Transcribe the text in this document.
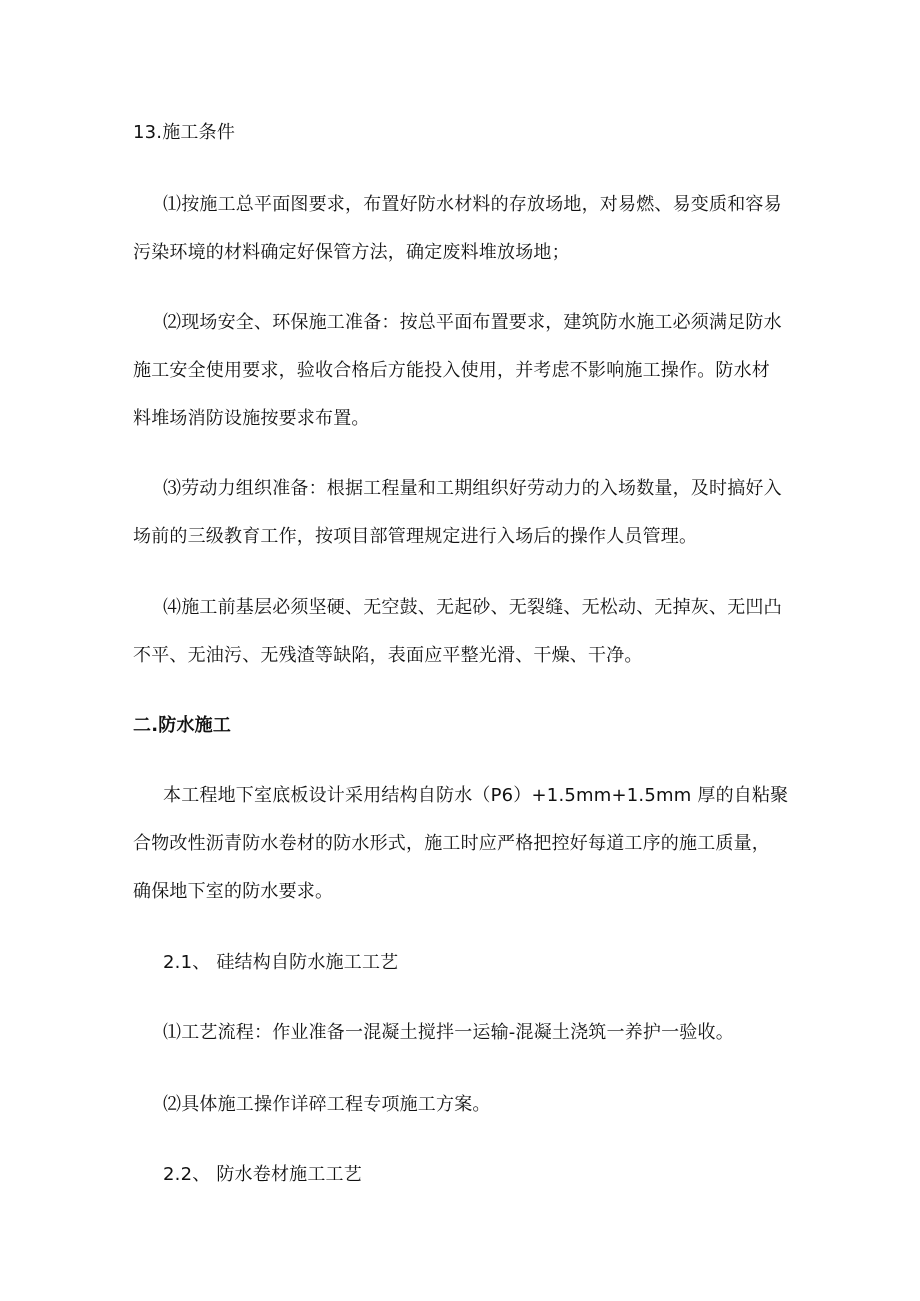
13.施工条件
⑴按施工总平面图要求，布置好防水材料的存放场地，对易燃、易变质和容易
污染环境的材料确定好保管方法，确定废料堆放场地；
⑵现场安全、环保施工准备：按总平面布置要求，建筑防水施工必须满足防水
施工安全使用要求，验收合格后方能投入使用，并考虑不影响施工操作。防水材
料堆场消防设施按要求布置。
⑶劳动力组织准备：根据工程量和工期组织好劳动力的入场数量，及时搞好入
场前的三级教育工作，按项目部管理规定进行入场后的操作人员管理。
⑷施工前基层必须坚硬、无空鼓、无起砂、无裂缝、无松动、无掉灰、无凹凸
不平、无油污、无残渣等缺陷，表面应平整光滑、干燥、干净。
二.防水施工
本工程地下室底板设计采用结构自防水（P6）+1.5mm+1.5mm 厚的自粘聚
合物改性沥青防水卷材的防水形式，施工时应严格把控好每道工序的施工质量，
确保地下室的防水要求。
2.1、 硅结构自防水施工工艺
⑴工艺流程：作业准备一混凝土搅拌一运输-混凝土浇筑一养护一验收。
⑵具体施工操作详碎工程专项施工方案。
2.2、 防水卷材施工工艺
